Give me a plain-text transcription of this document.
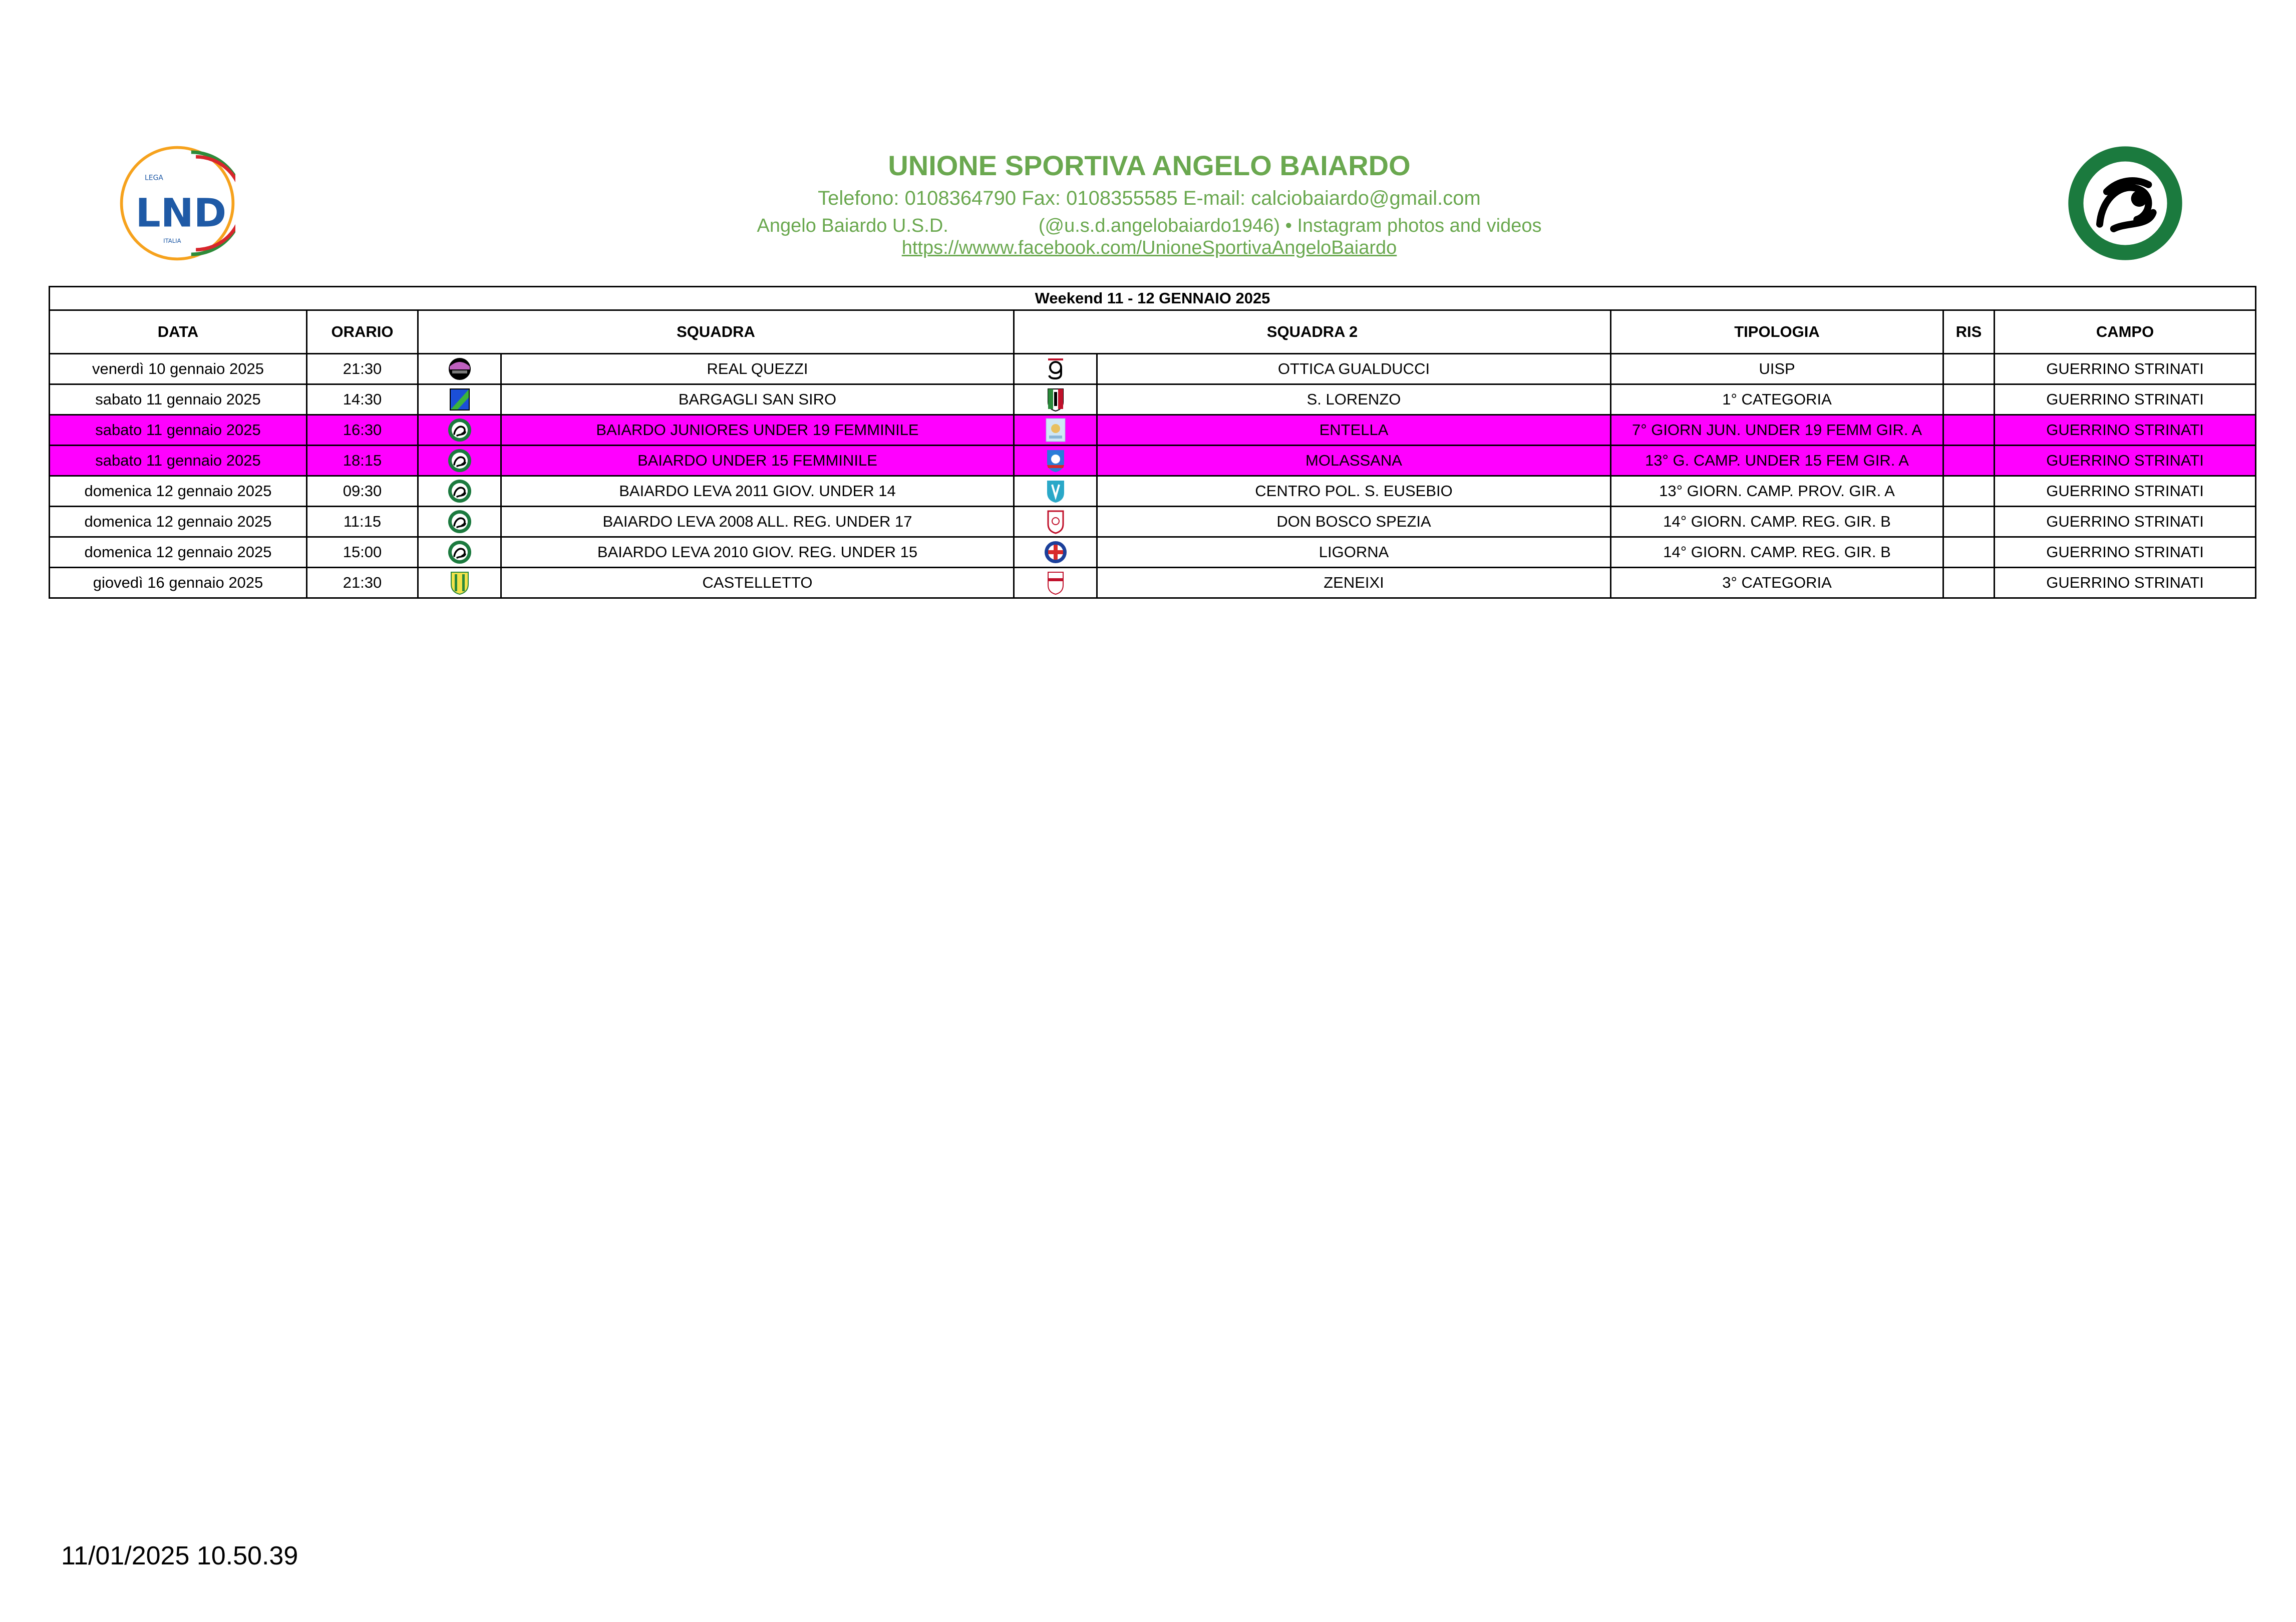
LEGA
LND
ITALIA
UNIONE SPORTIVA ANGELO BAIARDO
Telefono: 0108364790 Fax: 0108355585 E-mail: calciobaiardo@gmail.com
Angelo Baiardo U.S.D.	(@u.s.d.angelobaiardo1946) • Instagram photos and videos
https://wwww.facebook.com/UnioneSportivaAngeloBaiardo
Weekend 11 - 12 GENNAIO 2025								
DATA	ORARIO	SQUADRA		SQUADRA 2		TIPOLOGIA	RIS	CAMPO
venerdì 10 gennaio 2025	21:30		REAL QUEZZI		OTTICA GUALDUCCI	UISP		GUERRINO STRINATI
sabato 11 gennaio 2025	14:30		BARGAGLI SAN SIRO		S. LORENZO	1° CATEGORIA		GUERRINO STRINATI
sabato 11 gennaio 2025	16:30		BAIARDO JUNIORES UNDER 19 FEMMINILE		ENTELLA	7° GIORN JUN. UNDER 19 FEMM GIR. A		GUERRINO STRINATI
sabato 11 gennaio 2025	18:15		BAIARDO UNDER 15 FEMMINILE		MOLASSANA	13° G. CAMP. UNDER 15 FEM GIR. A		GUERRINO STRINATI
domenica 12 gennaio 2025	09:30		BAIARDO LEVA 2011 GIOV. UNDER 14		CENTRO POL. S. EUSEBIO	13° GIORN. CAMP. PROV. GIR. A		GUERRINO STRINATI
domenica 12 gennaio 2025	11:15		BAIARDO LEVA 2008 ALL. REG. UNDER 17		DON BOSCO SPEZIA	14° GIORN. CAMP. REG. GIR. B		GUERRINO STRINATI
domenica 12 gennaio 2025	15:00		BAIARDO LEVA 2010 GIOV. REG. UNDER 15		LIGORNA	14° GIORN. CAMP. REG. GIR. B		GUERRINO STRINATI
giovedì 16 gennaio 2025	21:30		CASTELLETTO		ZENEIXI	3° CATEGORIA		GUERRINO STRINATI
11/01/2025 10.50.39
